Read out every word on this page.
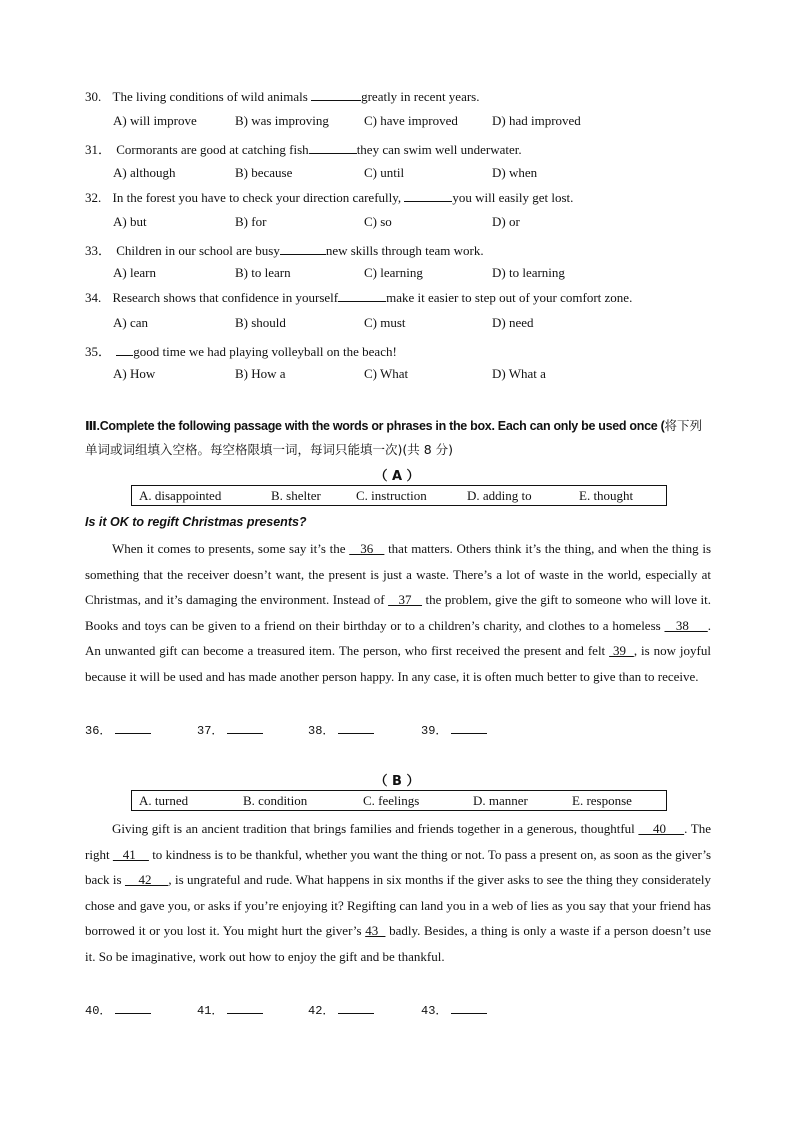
30. The living conditions of wild animals	greatly in recent years.
A) will improve	B) was improving	C) have improved	D) had improved
31． Cormorants are good at catching fish	they can swim well underwater.
A) although	B) because	C) until	D) when
32. In the forest you have to check your direction carefully,	you will easily get lost.
A) but	B) for	C) so	D) or
33． Children in our school are busy	new skills through team work.
A) learn	B) to learn	C) learning	D) to learning
34. Research shows that confidence in yourself	make it easier to step out of your comfort zone.
A) can	B) should	C) must	D) need
35． good time we had playing volleyball on the beach!
A) How	B) How a	C) What	D) What a
Ⅲ.Complete the following passage with the words or phrases in the box. Each can only be used once (将下列单词或词组填入空格。每空格限填一词，每词只能填一次)(共 8 分)
（ A ）
A. disappointed	B. shelter	C. instruction	D. adding to	E. thought
Is it OK to regift Christmas presents?
When it comes to presents, some say it’s the    36    that matters. Others think it’s the thing, and when the thing is something that the receiver doesn’t want, the present is just a waste. There’s a lot of waste in the world, especially at Christmas, and it’s damaging the environment. Instead of    37    the problem, give the gift to someone who will love it. Books and toys can be given to a friend on their birthday or to a children’s charity, and clothes to a homeless    38     . An unwanted gift can become a treasured item. The person, who first received the present and felt  39  , is now joyful because it will be used and has made another person happy. In any case, it is often much better to give than to receive.
36．	37．	38．	39．
（ B ）
A. turned	B. condition	C. feelings	D. manner	E. response
Giving gift is an ancient tradition that brings families and friends together in a generous, thoughtful     40     . The right    41     to kindness is to be thankful, whether you want the thing or not. To pass a present on, as soon as the giver’s back is     42     , is ungrateful and rude. What happens in six months if the giver asks to see the thing they considerately chose and gave you, or asks if you’re enjoying it? Regifting can land you in a web of lies as you say that your friend has borrowed it or you lost it. You might hurt the giver’s 43   badly. Besides, a thing is only a waste if a person doesn’t use it. So be imaginative, work out how to enjoy the gift and be thankful.
40．	41．	42．	43．
